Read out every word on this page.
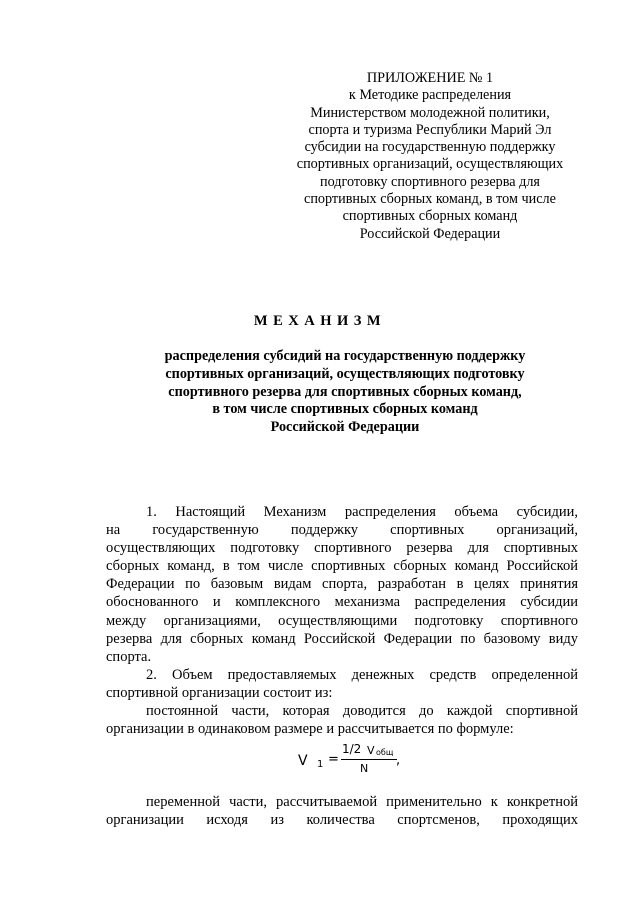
ПРИЛОЖЕНИЕ № 1
к Методике распределения
Министерством молодежной политики,
спорта и туризма Республики Марий Эл
субсидии на государственную поддержку
спортивных организаций, осуществляющих
подготовку спортивного резерва для
спортивных сборных команд, в том числе
спортивных сборных команд
Российской Федерации
МЕХАНИЗМ
распределения субсидий на государственную поддержку
спортивных организаций, осуществляющих подготовку
спортивного резерва для спортивных сборных команд,
в том числе спортивных сборных команд
Российской Федерации
1. Настоящий Механизм распределения объема субсидии,
на государственную поддержку спортивных организаций,
осуществляющих подготовку спортивного резерва для спортивных
сборных команд, в том числе спортивных сборных команд Российской
Федерации по базовым видам спорта, разработан в целях принятия
обоснованного и комплексного механизма распределения субсидии
между организациями, осуществляющими подготовку спортивного
резерва для сборных команд Российской Федерации по базовому виду
спорта.
2. Объем предоставляемых денежных средств определенной
спортивной организации состоит из:
постоянной части, которая доводится до каждой спортивной
организации в одинаковом размере и рассчитывается по формуле:
V 1 =
1/2 V общ
N
,
переменной части, рассчитываемой применительно к конкретной
организации исходя из количества спортсменов, проходящих
